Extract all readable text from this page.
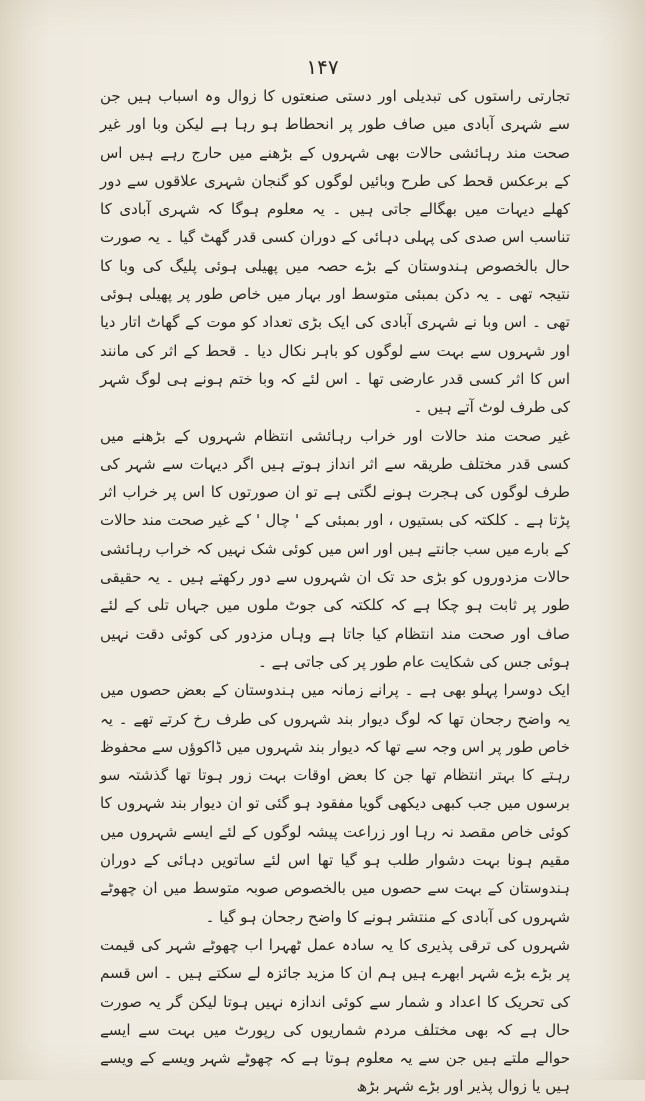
۱۴۷

تجارتی راستوں کی تبدیلی اور دستی صنعتوں کا زوال وہ اسباب ہیں جن سے شہری آبادی میں صاف طور پر انحطاط ہو رہا ہے لیکن وبا اور غیر صحت مند رہائشی حالات بھی شہروں کے بڑھنے میں حارج رہے ہیں اس کے برعکس قحط کی طرح وبائیں لوگوں کو گنجان شہری علاقوں سے دور کھلے دیہات میں بھگالے جاتی ہیں ۔ یہ معلوم ہوگا کہ شہری آبادی کا تناسب اس صدی کی پہلی دہائی کے دوران کسی قدر گھٹ گیا ۔ یہ صورت حال بالخصوص ہندوستان کے بڑے حصہ میں پھیلی ہوئی پلیگ کی وبا کا نتیجہ تھی ۔ یہ دکن بمبئی متوسط اور بہار میں خاص طور پر پھیلی ہوئی تھی ۔ اس وبا نے شہری آبادی کی ایک بڑی تعداد کو موت کے گھاٹ اتار دیا اور شہروں سے بہت سے لوگوں کو باہر نکال دیا ۔ قحط کے اثر کی مانند اس کا اثر کسی قدر عارضی تھا ۔ اس لئے کہ وبا ختم ہونے ہی لوگ شہر کی طرف لوٹ آتے ہیں ۔

غیر صحت مند حالات اور خراب رہائشی انتظام شہروں کے بڑھنے میں کسی قدر مختلف طریقہ سے اثر انداز ہوتے ہیں اگر دیہات سے شہر کی طرف لوگوں کی ہجرت ہونے لگتی ہے تو ان صورتوں کا اس پر خراب اثر پڑتا ہے ۔ کلکتہ کی بستیوں ، اور بمبئی کے ' چال ' کے غیر صحت مند حالات کے بارے میں سب جانتے ہیں اور اس میں کوئی شک نہیں کہ خراب رہائشی حالات مزدوروں کو بڑی حد تک ان شہروں سے دور رکھتے ہیں ۔ یہ حقیقی طور پر ثابت ہو چکا ہے کہ کلکتہ کی جوٹ ملوں میں جہاں تلی کے لئے صاف اور صحت مند انتظام کیا جاتا ہے وہاں مزدور کی کوئی دقت نہیں ہوئی جس کی شکایت عام طور پر کی جاتی ہے ۔

ایک دوسرا پہلو بھی ہے ۔ پرانے زمانہ میں ہندوستان کے بعض حصوں میں یہ واضح رجحان تھا کہ لوگ دیوار بند شہروں کی طرف رخ کرتے تھے ۔ یہ خاص طور پر اس وجہ سے تھا کہ دیوار بند شہروں میں ڈاکوؤں سے محفوظ رہتے کا بہتر انتظام تھا جن کا بعض اوقات بہت زور ہوتا تھا گذشتہ سو برسوں میں جب کبھی دیکھی گویا مفقود ہو گئی تو ان دیوار بند شہروں کا کوئی خاص مقصد نہ رہا اور زراعت پیشہ لوگوں کے لئے ایسے شہروں میں مقیم ہونا بہت دشوار طلب ہو گیا تھا اس لئے ساتویں دہائی کے دوران ہندوستان کے بہت سے حصوں میں بالخصوص صوبہ متوسط میں ان چھوٹے شہروں کی آبادی کے منتشر ہونے کا واضح رجحان ہو گیا ۔

شہروں کی ترقی پذیری کا یہ سادہ عمل ٹھہرا اب چھوٹے شہر کی قیمت پر بڑے بڑے شہر ابھرے ہیں ہم ان کا مزید جائزہ لے سکتے ہیں ۔ اس قسم کی تحریک کا اعداد و شمار سے کوئی اندازہ نہیں ہوتا لیکن گر یہ صورت حال ہے کہ بھی مختلف مردم شماریوں کی رپورٹ میں بہت سے ایسے حوالے ملتے ہیں جن سے یہ معلوم ہوتا ہے کہ چھوٹے شہر ویسے کے ویسے ہیں یا زوال پذیر اور بڑے شہر بڑھ
